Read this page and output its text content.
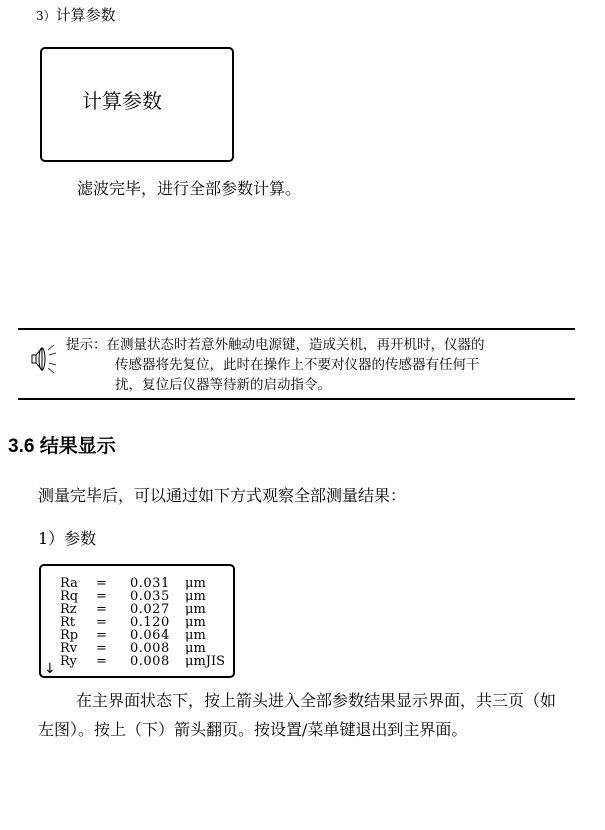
3）计算参数
计算参数
滤波完毕，进行全部参数计算。
提示：在测量状态时若意外触动电源键，造成关机，再开机时，仪器的
传感器将先复位，此时在操作上不要对仪器的传感器有任何干
扰，复位后仪器等待新的启动指令。
3.6 结果显示
测量完毕后，可以通过如下方式观察全部测量结果：
1）参数
Ra = 0.031 μm
Rq = 0.035 μm
Rz = 0.027 μm
Rt = 0.120 μm
Rp = 0.064 μm
Rv = 0.008 μm
Ry = 0.008 μmJIS
↓
在主界面状态下，按上箭头进入全部参数结果显示界面，共三页（如左图）。按上（下）箭头翻页。按设置/菜单键退出到主界面。
